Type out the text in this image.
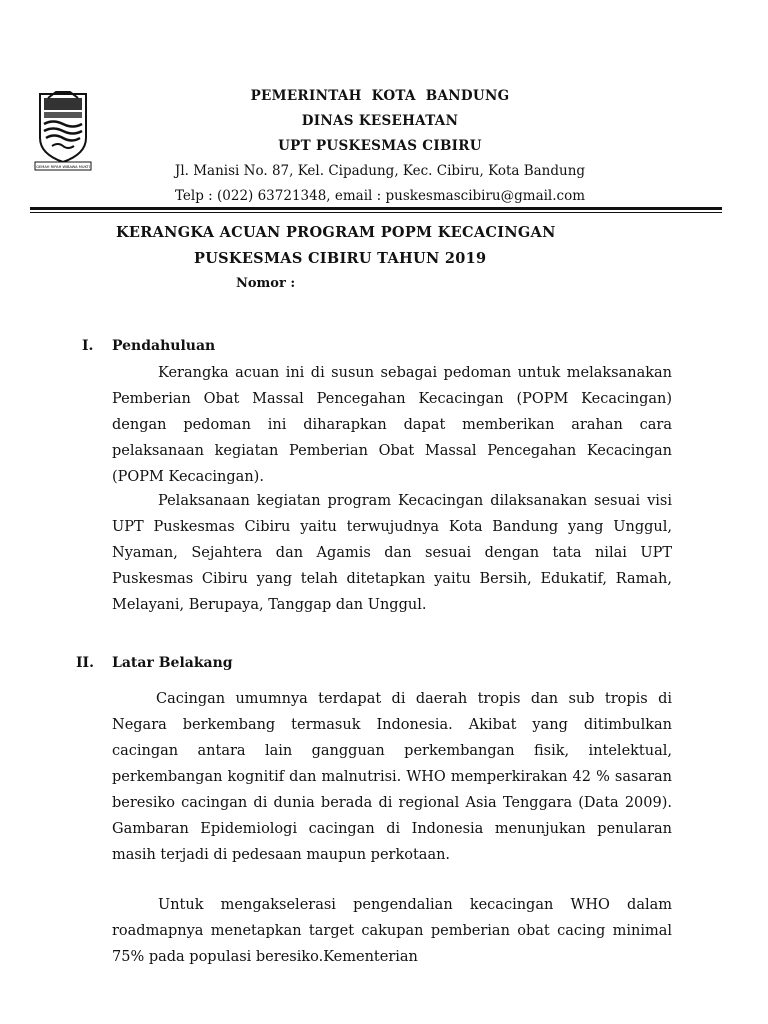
GEMAH RIPAH WIBAWA MUKTI
PEMERINTAH  KOTA  BANDUNG
DINAS KESEHATAN
UPT PUSKESMAS CIBIRU
Jl. Manisi No. 87, Kel. Cipadung, Kec. Cibiru, Kota Bandung
Telp : (022) 63721348, email : puskesmascibiru@gmail.com
KERANGKA ACUAN PROGRAM POPM KECACINGAN
PUSKESMAS CIBIRU TAHUN 2019
Nomor :
I. Pendahuluan

Kerangka acuan ini di susun sebagai pedoman untuk melaksanakan Pemberian Obat Massal Pencegahan Kecacingan (POPM Kecacingan) dengan pedoman ini diharapkan dapat memberikan arahan cara pelaksanaan kegiatan Pemberian Obat Massal Pencegahan Kecacingan (POPM Kecacingan).

Pelaksanaan kegiatan program Kecacingan dilaksanakan sesuai visi UPT Puskesmas Cibiru yaitu terwujudnya Kota Bandung yang Unggul, Nyaman, Sejahtera dan Agamis dan sesuai dengan tata nilai UPT Puskesmas Cibiru yang telah ditetapkan yaitu Bersih, Edukatif, Ramah, Melayani, Berupaya, Tanggap dan Unggul.

II. Latar Belakang

Cacingan umumnya terdapat di daerah tropis dan sub tropis di Negara berkembang termasuk Indonesia. Akibat yang ditimbulkan cacingan antara lain gangguan perkembangan fisik, intelektual, perkembangan kognitif dan malnutrisi. WHO memperkirakan 42 % sasaran beresiko cacingan di dunia berada di regional Asia Tenggara (Data 2009). Gambaran Epidemiologi cacingan di Indonesia menunjukan penularan masih terjadi di pedesaan maupun perkotaan.

Untuk mengakselerasi pengendalian kecacingan WHO dalam roadmapnya menetapkan target cakupan pemberian obat cacing minimal 75% pada populasi beresiko.Kementerian
